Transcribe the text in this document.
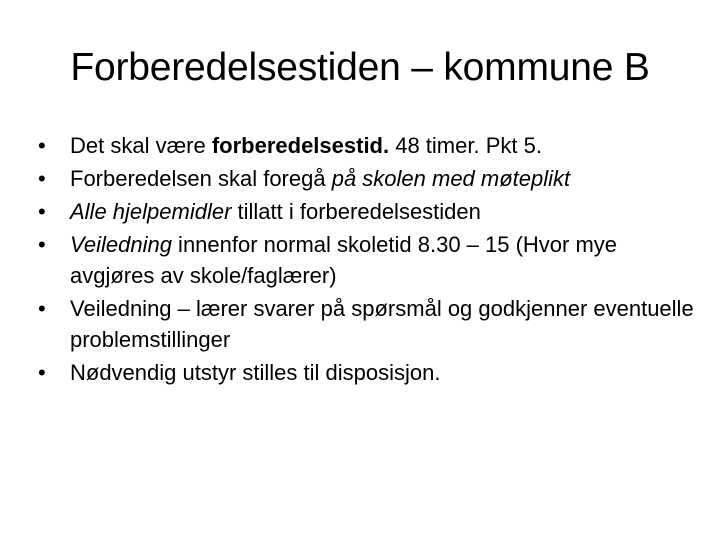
Forberedelsestiden – kommune B
• Det skal være forberedelsestid. 48 timer. Pkt 5.
• Forberedelsen skal foregå på skolen med møteplikt
• Alle hjelpemidler tillatt i forberedelsestiden
• Veiledning innenfor normal skoletid 8.30 – 15 (Hvor mye avgjøres av skole/faglærer)
• Veiledning – lærer svarer på spørsmål og godkjenner eventuelle problemstillinger
• Nødvendig utstyr stilles til disposisjon.
